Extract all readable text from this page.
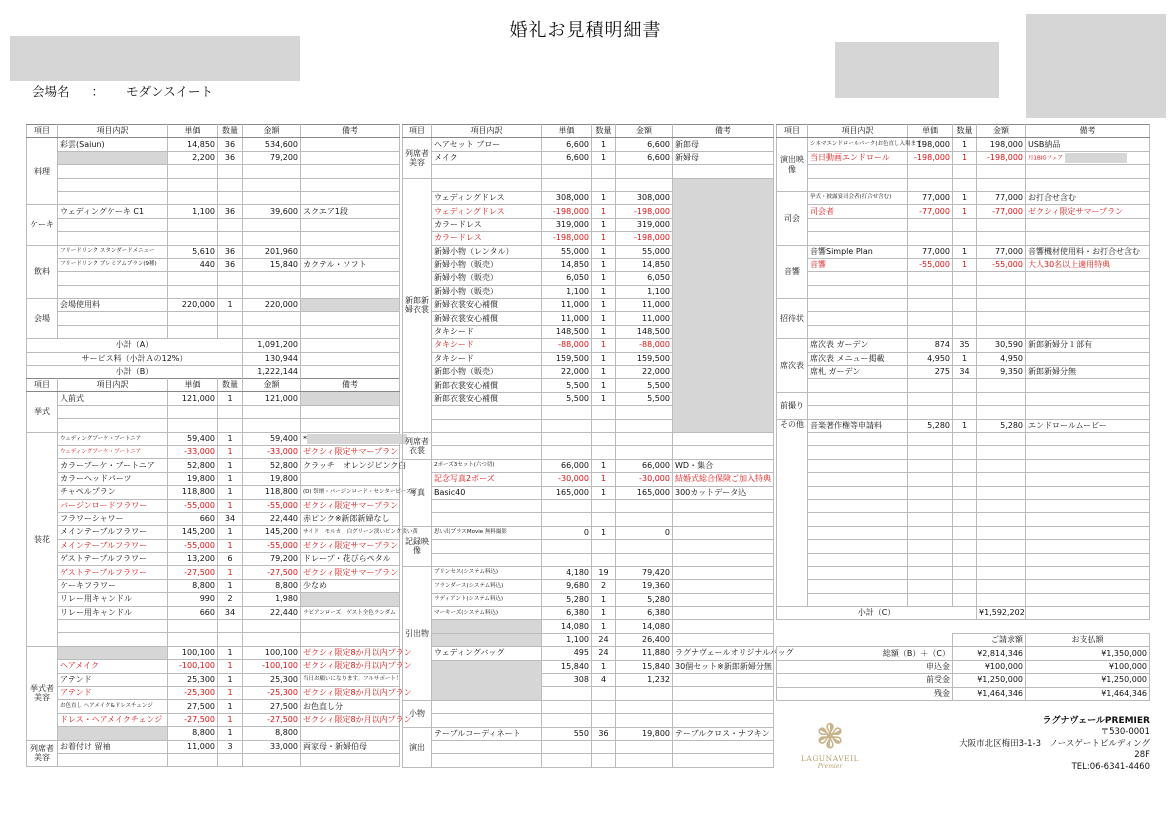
婚礼お見積明細書
会場名 ： モダンスイート
項目	項目内訳	単価	数量	金額	備考
料理	彩雲(Saiun)	14,850	36	534,600	
		2,200	36	79,200	

ケーキ	ウェディングケーキ C1	1,100	36	39,600	スクエア1段

飲料	フリードリンク スタンダードメニュー	5,610	36	201,960	
	フリードリンク プレミアムプラン(9種)	440	36	15,840	カクテル・ソフト

会場	会場使用料	220,000	1	220,000	

小計（A）				1,091,200	
サービス料（小計Ａの12%）				130,944	
小計（B）				1,222,144	
項目	項目内訳	単価	数量	金額	備考
挙式	人前式	121,000	1	121,000	

装花	ウェディングブーケ・ブートニア	59,400	1	59,400	*
	ウェディングブーケ・ブートニア	-33,000	1	-33,000	ゼクシィ限定サマープラン
	カラーブーケ・ブートニア	52,800	1	52,800	クラッチ　オレンジピンク白
	カラーヘッドパーツ	19,800	1	19,800	
	チャペルプラン	118,800	1	118,800	(D) 祭壇・バージンロード・センターピース※
	バージンロードフラワー	-55,000	1	-55,000	ゼクシィ限定サマープラン
	フラワーシャワー	660	34	22,440	赤ピンク※新郎新婦なし
	メインテーブルフラワー	145,200	1	145,200	サイド　モルカ　白グリーン淡いピンク淡い黄
	メインテーブルフラワー	-55,000	1	-55,000	ゼクシィ限定サマープラン
	ゲストテーブルフラワー	13,200	6	79,200	ドレープ・花びらペタル
	ゲストテーブルフラワー	-27,500	1	-27,500	ゼクシィ限定サマープラン
	ケーキフラワー	8,800	1	8,800	少なめ
	リレー用キャンドル	990	2	1,980	
	リレー用キャンドル	660	34	22,440	ラピアンローズ　ゲスト全色ランダム

挙式者美容		100,100	1	100,100	ゼクシィ限定8か月以内プラン
	ヘアメイク	-100,100	1	-100,100	ゼクシィ限定8か月以内プラン
	アテンド	25,300	1	25,300	当日お願いになります。フルサポート！！
	アテンド	-25,300	1	-25,300	ゼクシィ限定8か月以内プラン
	お色直し ヘアメイク&ドレスチェンジ	27,500	1	27,500	お色直し分
	ドレス・ヘアメイクチェンジ	-27,500	1	-27,500	ゼクシィ限定8か月以内プラン
		8,800	1	8,800	
列席者美容	お着付け 留袖	11,000	3	33,000	両家母・新婦伯母

項目	項目内訳	単価	数量	金額	備考
列席者美容	ヘアセット ブロー	6,600	1	6,600	新郎母
	メイク	6,600	1	6,600	新婦母

新郎新婦衣裳					
	ウェディングドレス	308,000	1	308,000	
	ウェディングドレス	-198,000	1	-198,000	
	カラードレス	319,000	1	319,000	
	カラードレス	-198,000	1	-198,000	
	新婦小物（レンタル）	55,000	1	55,000	
	新婦小物（販売）	14,850	1	14,850	
	新婦小物（販売）	6,050	1	6,050	
	新婦小物（販売）	1,100	1	1,100	
	新婦衣裳安心補償	11,000	1	11,000	
	新婦衣裳安心補償	11,000	1	11,000	
	タキシード	148,500	1	148,500	
	タキシード	-88,000	1	-88,000	
	タキシード	159,500	1	159,500	
	新郎小物（販売）	22,000	1	22,000	
	新郎衣裳安心補償	5,500	1	5,500	
	新郎衣裳安心補償	5,500	1	5,500	

列席者衣裳					

写真	2ポーズ3セット(六つ切)	66,000	1	66,000	WD・集合
	記念写真2ポーズ	-30,000	1	-30,000	結婚式総合保険ご加入特典
	Basic40	165,000	1	165,000	300カットデータ込

記録映像	思い出プラスMovie 無料撮影	0	1	0	

引出物	プリンセス(システム料込)	4,180	19	79,420	
	フランダース(システム料込)	9,680	2	19,360	
	ラディアント(システム料込)	5,280	1	5,280	
	マーキーズ(システム料込)	6,380	1	6,380	
		14,080	1	14,080	
		1,100	24	26,400	
	ウェディングバッグ	495	24	11,880	ラグナヴェールオリジナルバッグ
		15,840	1	15,840	30個セット※新郎新婦分無
		308	4	1,232	

小物					

演出	テーブルコーディネート	550	36	19,800	テーブルクロス・ナフキン

項目	項目内訳	単価	数量	金額	備考
演出映像	シネマエンドロールパーク(お色直し入場まで)	198,000	1	198,000	USB納品
	当日動画エンドロール	-198,000	1	-198,000	月1BIGフェア

司会	挙式・披露宴司会者(打合せ含む)	77,000	1	77,000	お打合せ含む
	司会者	-77,000	1	-77,000	ゼクシィ限定サマープラン

音響	音響Simple Plan	77,000	1	77,000	音響機材使用料・お打合せ含む
	音響	-55,000	1	-55,000	大人30名以上適用特典

招待状					

席次表	席次表 ガーデン	874	35	30,590	新郎新婦分１部有
	席次表 メニュー掲載	4,950	1	4,950	
	席札 ガーデン	275	34	9,350	新郎新婦分無

前撮り					

その他	音楽著作権等申請料	5,280	1	5,280	エンドロールムービー

小計（C）				¥1,592,202	
	ご請求額	お支払額
総額（B）＋（C）	¥2,814,346	¥1,350,000
申込金	¥100,000	¥100,000
前受金	¥1,250,000	¥1,250,000
残金	¥1,464,346	¥1,464,346
❃
LAGUNAVEIL
Premier
ラグナヴェールPREMIER
〒530-0001
大阪市北区梅田3-1-3　ノースゲートビルディング 28F
TEL:06-6341-4460
